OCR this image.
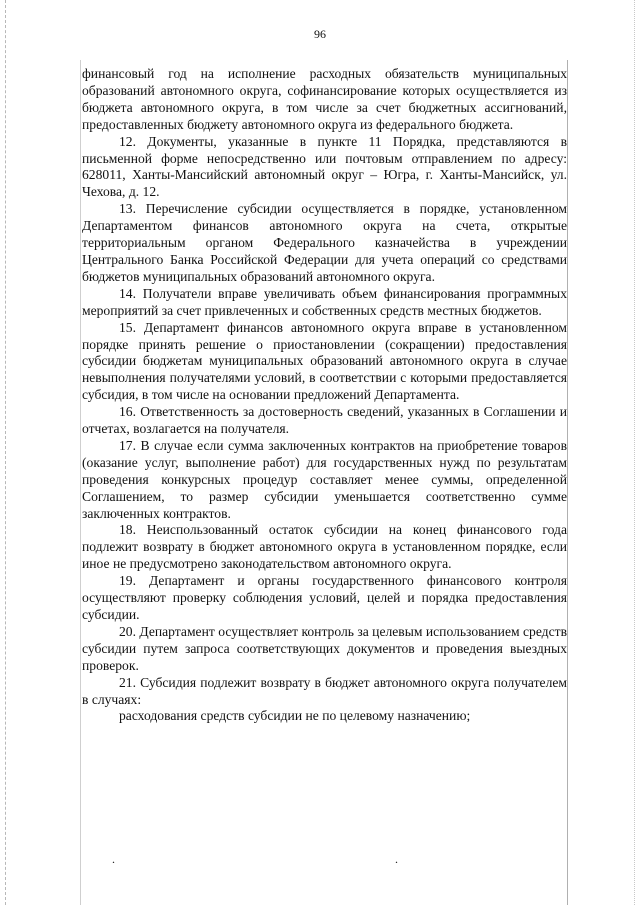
96

финансовый год на исполнение расходных обязательств муниципальных образований автономного округа, софинансирование которых осуществляется из бюджета автономного округа, в том числе за счет бюджетных ассигнований, предоставленных бюджету автономного округа из федерального бюджета.

12. Документы, указанные в пункте 11 Порядка, представляются в письменной форме непосредственно или почтовым отправлением по адресу: 628011, Ханты-Мансийский автономный округ – Югра, г. Ханты-Мансийск, ул. Чехова, д. 12.

13. Перечисление субсидии осуществляется в порядке, установленном Департаментом финансов автономного округа на счета, открытые территориальным органом Федерального казначейства в учреждении Центрального Банка Российской Федерации для учета операций со средствами бюджетов муниципальных образований автономного округа.

14. Получатели вправе увеличивать объем финансирования программных мероприятий за счет привлеченных и собственных средств местных бюджетов.

15. Департамент финансов автономного округа вправе в установленном порядке принять решение о приостановлении (сокращении) предоставления субсидии бюджетам муниципальных образований автономного округа в случае невыполнения получателями условий, в соответствии с которыми предоставляется субсидия, в том числе на основании предложений Департамента.

16. Ответственность за достоверность сведений, указанных в Соглашении и отчетах, возлагается на получателя.

17. В случае если сумма заключенных контрактов на приобретение товаров (оказание услуг, выполнение работ) для государственных нужд по результатам проведения конкурсных процедур составляет менее суммы, определенной Соглашением, то размер субсидии уменьшается соответственно сумме заключенных контрактов.

18. Неиспользованный остаток субсидии на конец финансового года подлежит возврату в бюджет автономного округа в установленном порядке, если иное не предусмотрено законодательством автономного округа.

19. Департамент и органы государственного финансового контроля осуществляют проверку соблюдения условий, целей и порядка предоставления субсидии.

20. Департамент осуществляет контроль за целевым использованием средств субсидии путем запроса соответствующих документов и проведения выездных проверок.

21. Субсидия подлежит возврату в бюджет автономного округа получателем в случаях:

расходования средств субсидии не по целевому назначению;

.	.
